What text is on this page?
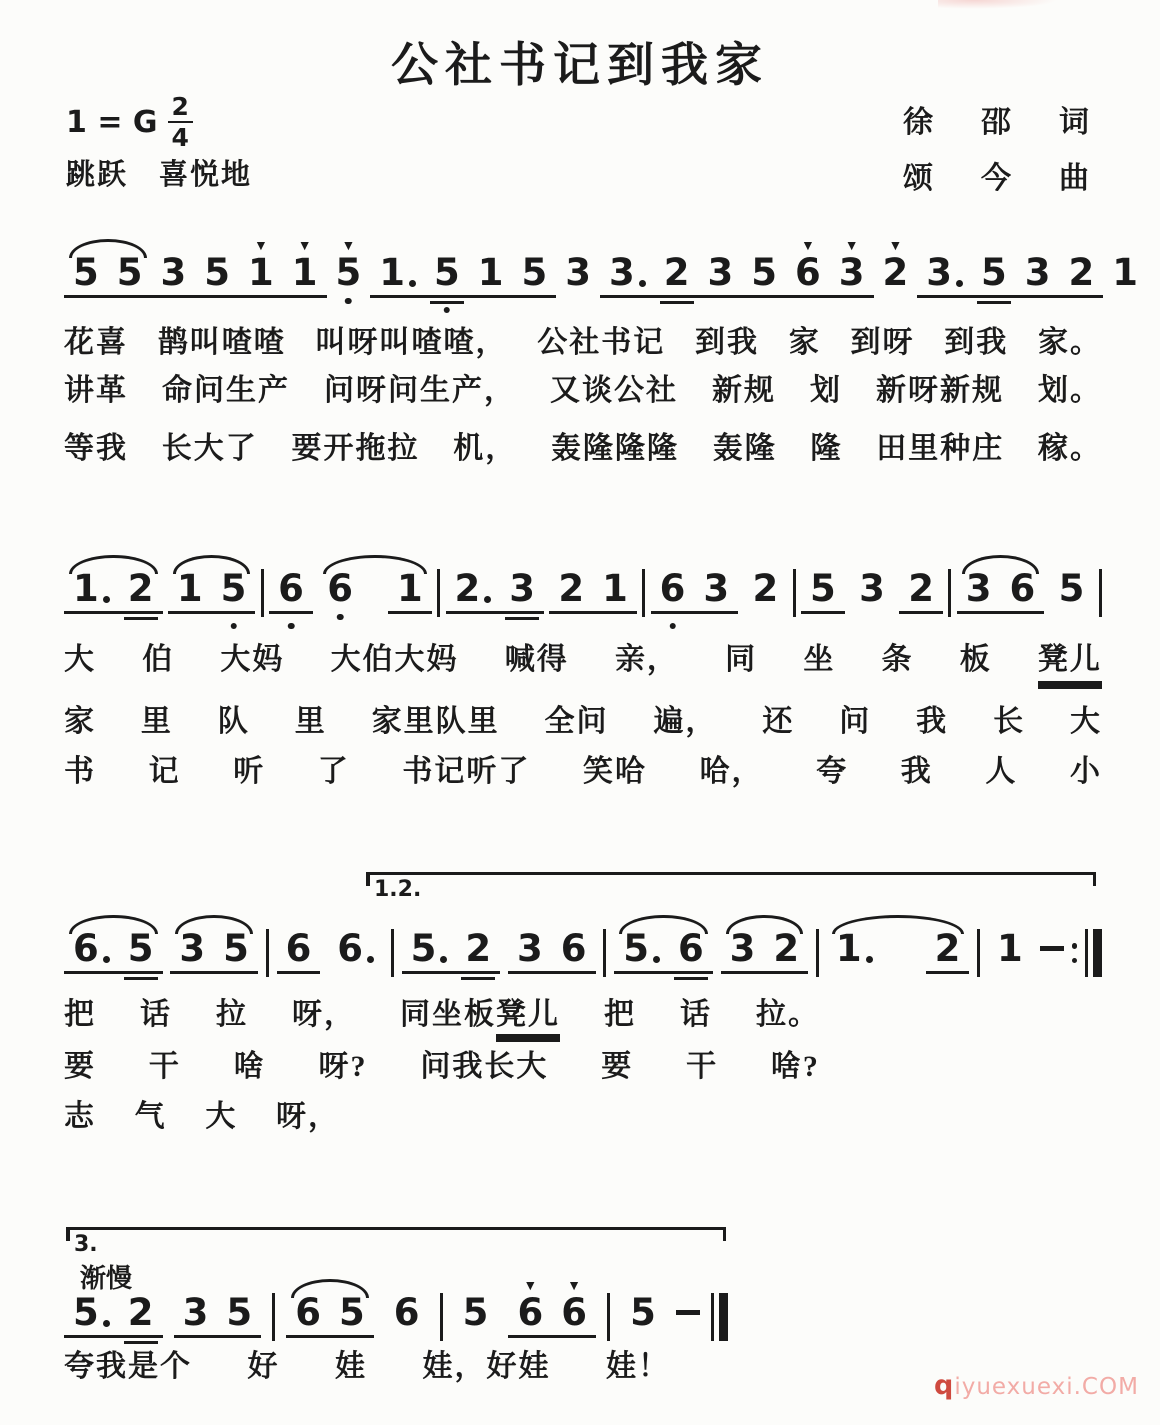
公社书记到我家
1 = G $\frac{2}{4}$
跳跃　喜悦地
徐　邵　词
颂　今　曲
qiyuexuexi.COM
5 5 3 5
▼
1
▼
1
▼
5 1 5 1 5 3 3 2 3 5
▼
6
▼
3
▼
2 3 5 3 2 1
1 2 1 5 6 6 1 2 3 2 1 6 3 2 5 3 2 3 6 5
6 5 3 5 6 6 5 2 3 6 5 6 3 2 1 2 1
5 2 3 5 6 5 6 5
▼
6
▼
6 5
花喜 鹊叫喳喳 叫呀叫喳喳， 公社书记 到我 家 到呀 到我 家。
讲革 命问生产 问呀问生产， 又谈公社 新规 划 新呀新规 划。
等我 长大了 要开拖拉 机， 轰隆隆隆 轰隆 隆 田里种庄 稼。
大 伯 大妈 大伯大妈 喊得 亲， 同 坐 条 板 凳儿
家 里 队 里 家里队里 全问 遍， 还 问 我 长 大
书 记 听 了 书记听了 笑哈 哈， 夸 我 人 小
把 话 拉 呀， 同坐板凳儿 把 话 拉。
要 干 啥 呀? 问我长大 要 干 啥?
志 气 大 呀，
夸我是个 好 娃 娃，好娃 娃！
1.2.
3.
渐慢
